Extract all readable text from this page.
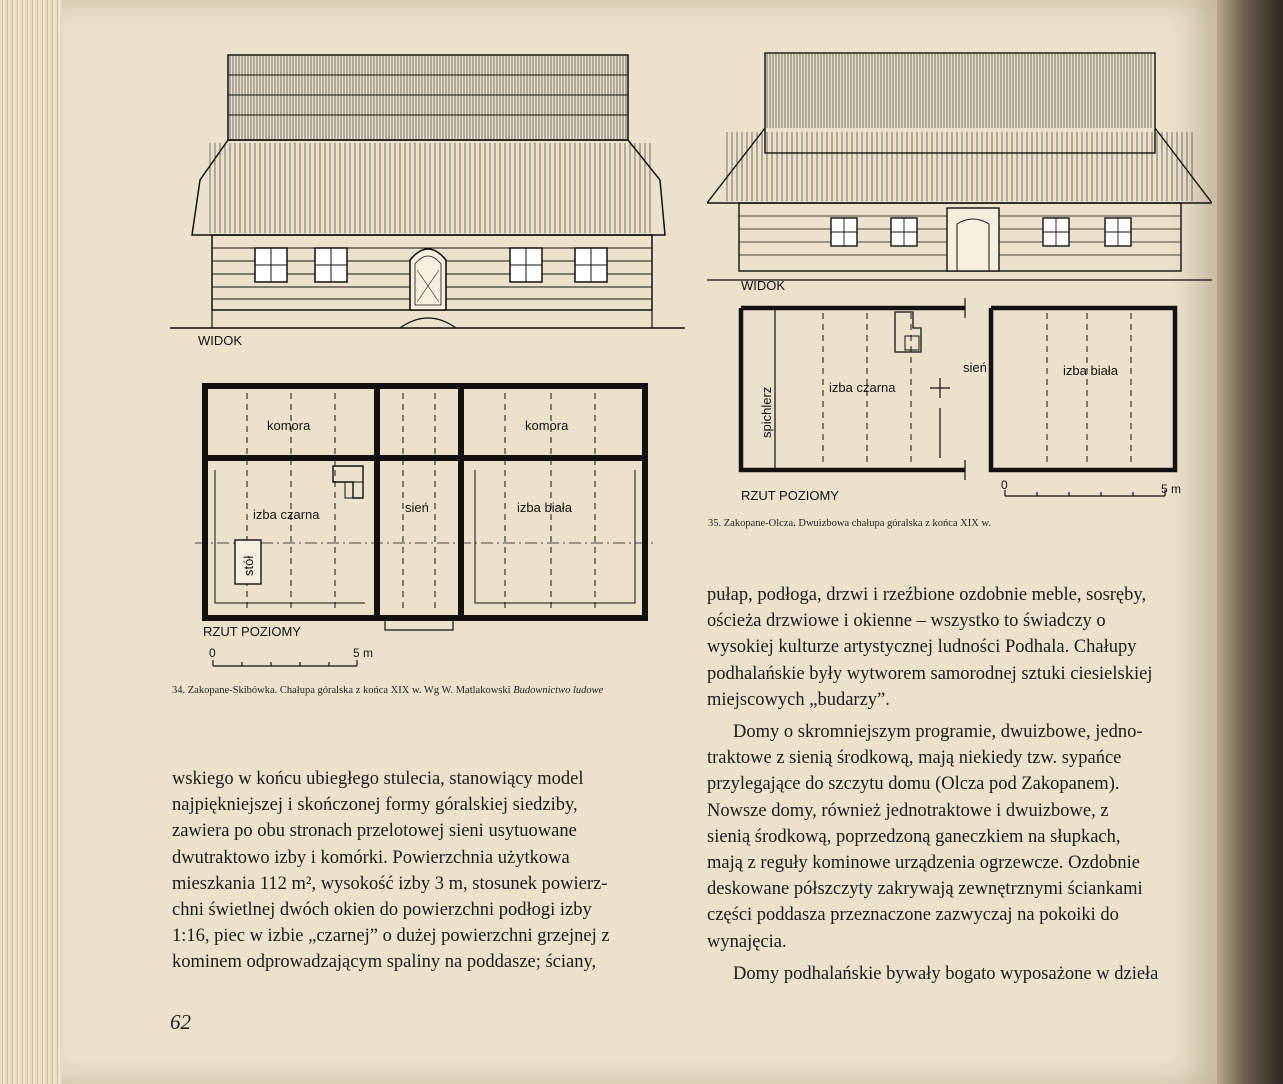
WIDOK
stół
komora	komora
izba czarna	sień	izba biała
RZUT POZIOMY
0	5 m
34. Zakopane-Skibówka. Chałupa góralska z końca XIX w. Wg W. Matlakowski Budownictwo ludowe
WIDOK
spichlerz	izba czarna
sień	izba biała
RZUT POZIOMY
0	5 m
35. Zakopane-Olcza. Dwuizbowa chałupa góralska z końca XIX w.

wskiego w końcu ubiegłego stulecia, stanowiący model

najpiękniejszej i skończonej formy góralskiej siedziby,

zawiera po obu stronach przelotowej sieni usytuowane

dwutraktowo izby i komórki. Powierzchnia użytkowa

mieszkania 112 m², wysokość izby 3 m, stosunek powierz-

chni świetlnej dwóch okien do powierzchni podłogi izby

1:16, piec w izbie „czarnej” o dużej powierzchni grzejnej z

kominem odprowadzającym spaliny na poddasze; ściany,

pułap, podłoga, drzwi i rzeźbione ozdobnie meble, sosręby,

ościeża drzwiowe i okienne – wszystko to świadczy o

wysokiej kulturze artystycznej ludności Podhala. Chałupy

podhalańskie były wytworem samorodnej sztuki ciesielskiej

miejscowych „budarzy”.

Domy o skromniejszym programie, dwuizbowe, jedno-

traktowe z sienią środkową, mają niekiedy tzw. sypańce

przylegające do szczytu domu (Olcza pod Zakopanem).

Nowsze domy, również jednotraktowe i dwuizbowe, z

sienią środkową, poprzedzoną ganeczkiem na słupkach,

mają z reguły kominowe urządzenia ogrzewcze. Ozdobnie

deskowane półszczyty zakrywają zewnętrznymi ściankami

części poddasza przeznaczone zazwyczaj na pokoiki do

wynajęcia.

Domy podhalańskie bywały bogato wyposażone w dzieła

62
